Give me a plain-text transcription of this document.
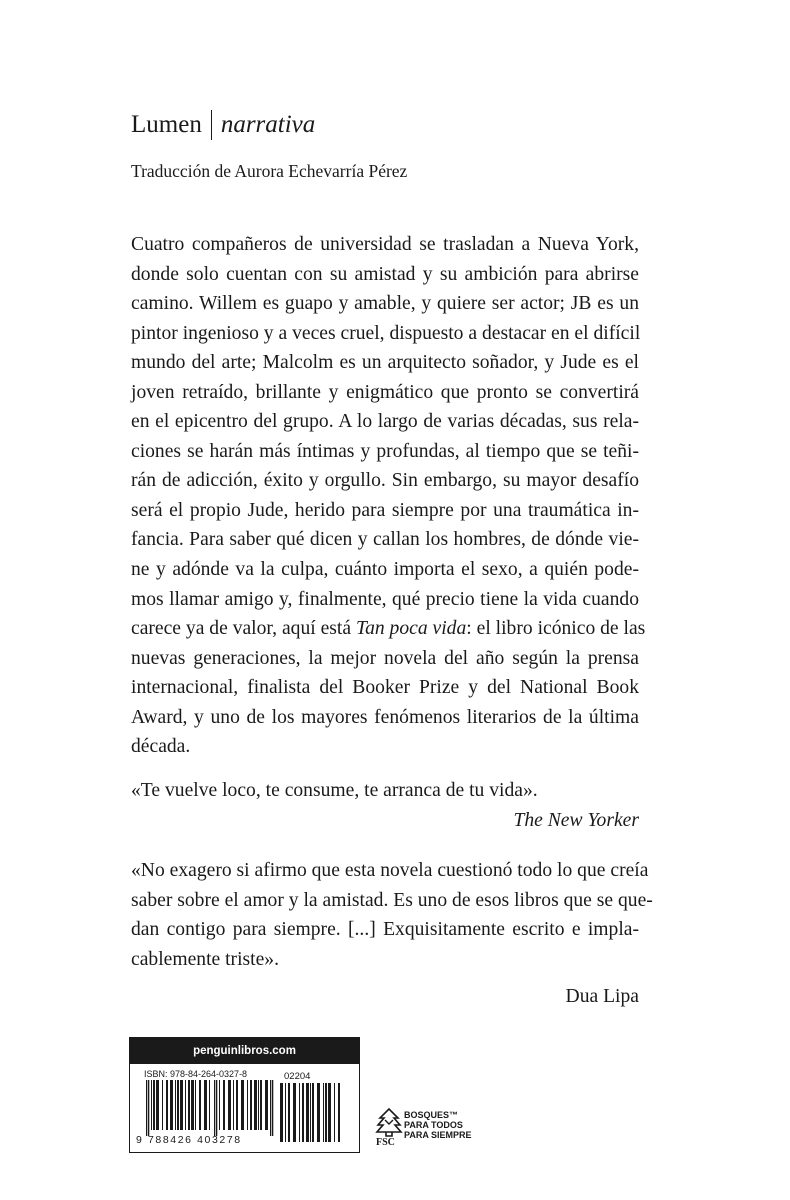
Lumen narrativa
Traducción de Aurora Echevarría Pérez
Cuatro compañeros de universidad se trasladan a Nueva York,
donde solo cuentan con su amistad y su ambición para abrirse
camino. Willem es guapo y amable, y quiere ser actor; JB es un
pintor ingenioso y a veces cruel, dispuesto a destacar en el difícil
mundo del arte; Malcolm es un arquitecto soñador, y Jude es el
joven retraído, brillante y enigmático que pronto se convertirá
en el epicentro del grupo. A lo largo de varias décadas, sus rela-
ciones se harán más íntimas y profundas, al tiempo que se teñi-
rán de adicción, éxito y orgullo. Sin embargo, su mayor desafío
será el propio Jude, herido para siempre por una traumática in-
fancia. Para saber qué dicen y callan los hombres, de dónde vie-
ne y adónde va la culpa, cuánto importa el sexo, a quién pode-
mos llamar amigo y, finalmente, qué precio tiene la vida cuando
carece ya de valor, aquí está Tan poca vida: el libro icónico de las
nuevas generaciones, la mejor novela del año según la prensa
internacional, finalista del Booker Prize y del National Book
Award, y uno de los mayores fenómenos literarios de la última
década.
«Te vuelve loco, te consume, te arranca de tu vida».
The New Yorker
«No exagero si afirmo que esta novela cuestionó todo lo que creía
saber sobre el amor y la amistad. Es uno de esos libros que se que-
dan contigo para siempre. [...] Exquisitamente escrito e impla-
cablemente triste».
Dua Lipa
penguinlibros.com
ISBN: 978-84-264-0327-8	02204
9 788426 403278	FSC
BOSQUES™
PARA TODOS
PARA SIEMPRE
